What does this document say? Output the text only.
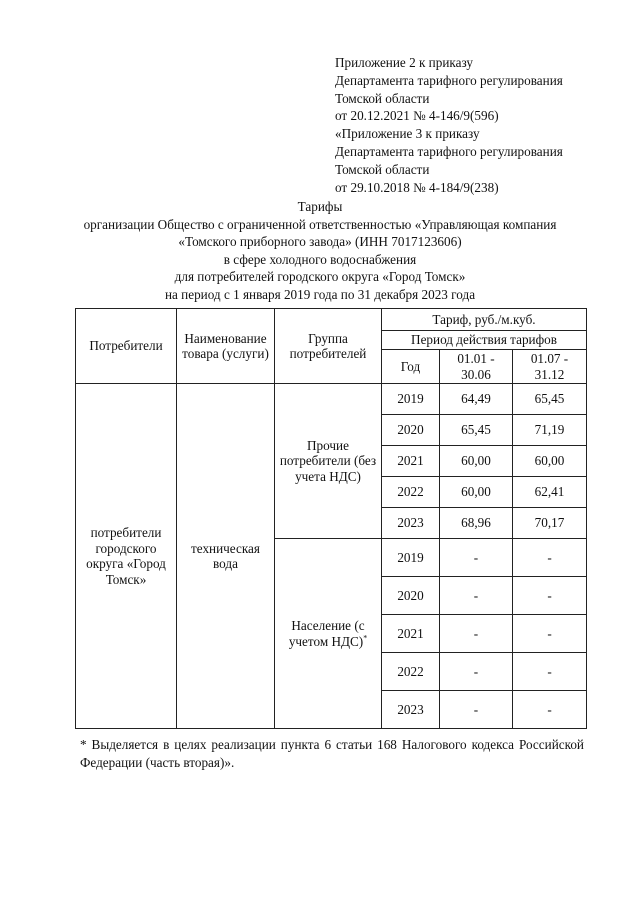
Приложение 2 к приказу
Департамента тарифного регулирования
Томской области
от 20.12.2021 № 4-146/9(596)
«Приложение 3 к приказу
Департамента тарифного регулирования
Томской области
от 29.10.2018 № 4-184/9(238)
Тарифы
организации Общество с ограниченной ответственностью «Управляющая компания
«Томского приборного завода» (ИНН 7017123606)
в сфере холодного водоснабжения
для потребителей городского округа «Город Томск»
на период с 1 января 2019 года по 31 декабря 2023 года
Потребители	Наименование товара (услуги)	Группа потребителей	Тариф, руб./м.куб.		
			Период действия тарифов		
			Год	01.01 - 30.06	01.07 - 31.12
потребители городского округа «Город Томск»	техническая вода	Прочие потребители (без учета НДС)	2019	64,49	65,45
			2020	65,45	71,19
			2021	60,00	60,00
			2022	60,00	62,41
			2023	68,96	70,17
		Население (с учетом НДС)*	2019	-	-
			2020	-	-
			2021	-	-
			2022	-	-
			2023	-	-
* Выделяется в целях реализации пункта 6 статьи 168 Налогового кодекса Российской Федерации (часть вторая)».
